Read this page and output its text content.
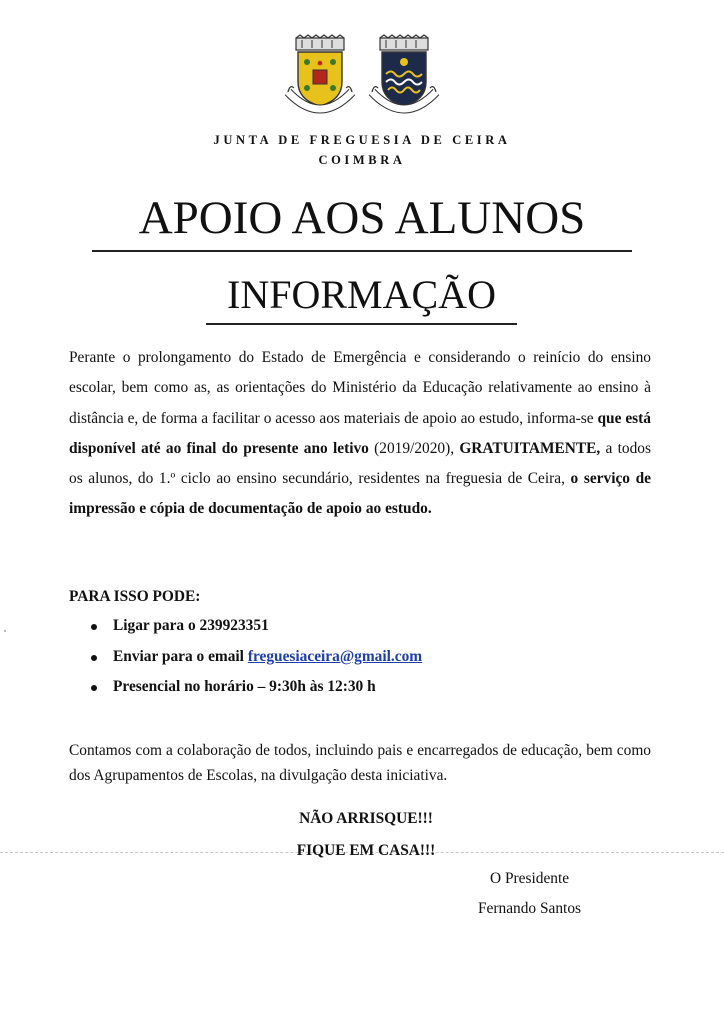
✹
JUNTA DE FREGUESIA DE CEIRA
COIMBRA
APOIO AOS ALUNOS
INFORMAÇÃO

Perante o prolongamento do Estado de Emergência e considerando o reinício do ensino escolar, bem como as, as orientações do Ministério da Educação relativamente ao ensino à distância e, de forma a facilitar o acesso aos materiais de apoio ao estudo, informa-se que está disponível até ao final do presente ano letivo (2019/2020), GRATUITAMENTE, a todos os alunos, do 1.º ciclo ao ensino secundário, residentes na freguesia de Ceira, o serviço de impressão e cópia de documentação de apoio ao estudo.

PARA ISSO PODE:
Ligar para o 239923351
Enviar para o email freguesiaceira@gmail.com
Presencial no horário – 9:30h às 12:30 h

Contamos com a colaboração de todos, incluindo pais e encarregados de educação, bem como dos Agrupamentos de Escolas, na divulgação desta iniciativa.

NÃO ARRISQUE!!!
FIQUE EM CASA!!!
O Presidente
Fernando Santos
